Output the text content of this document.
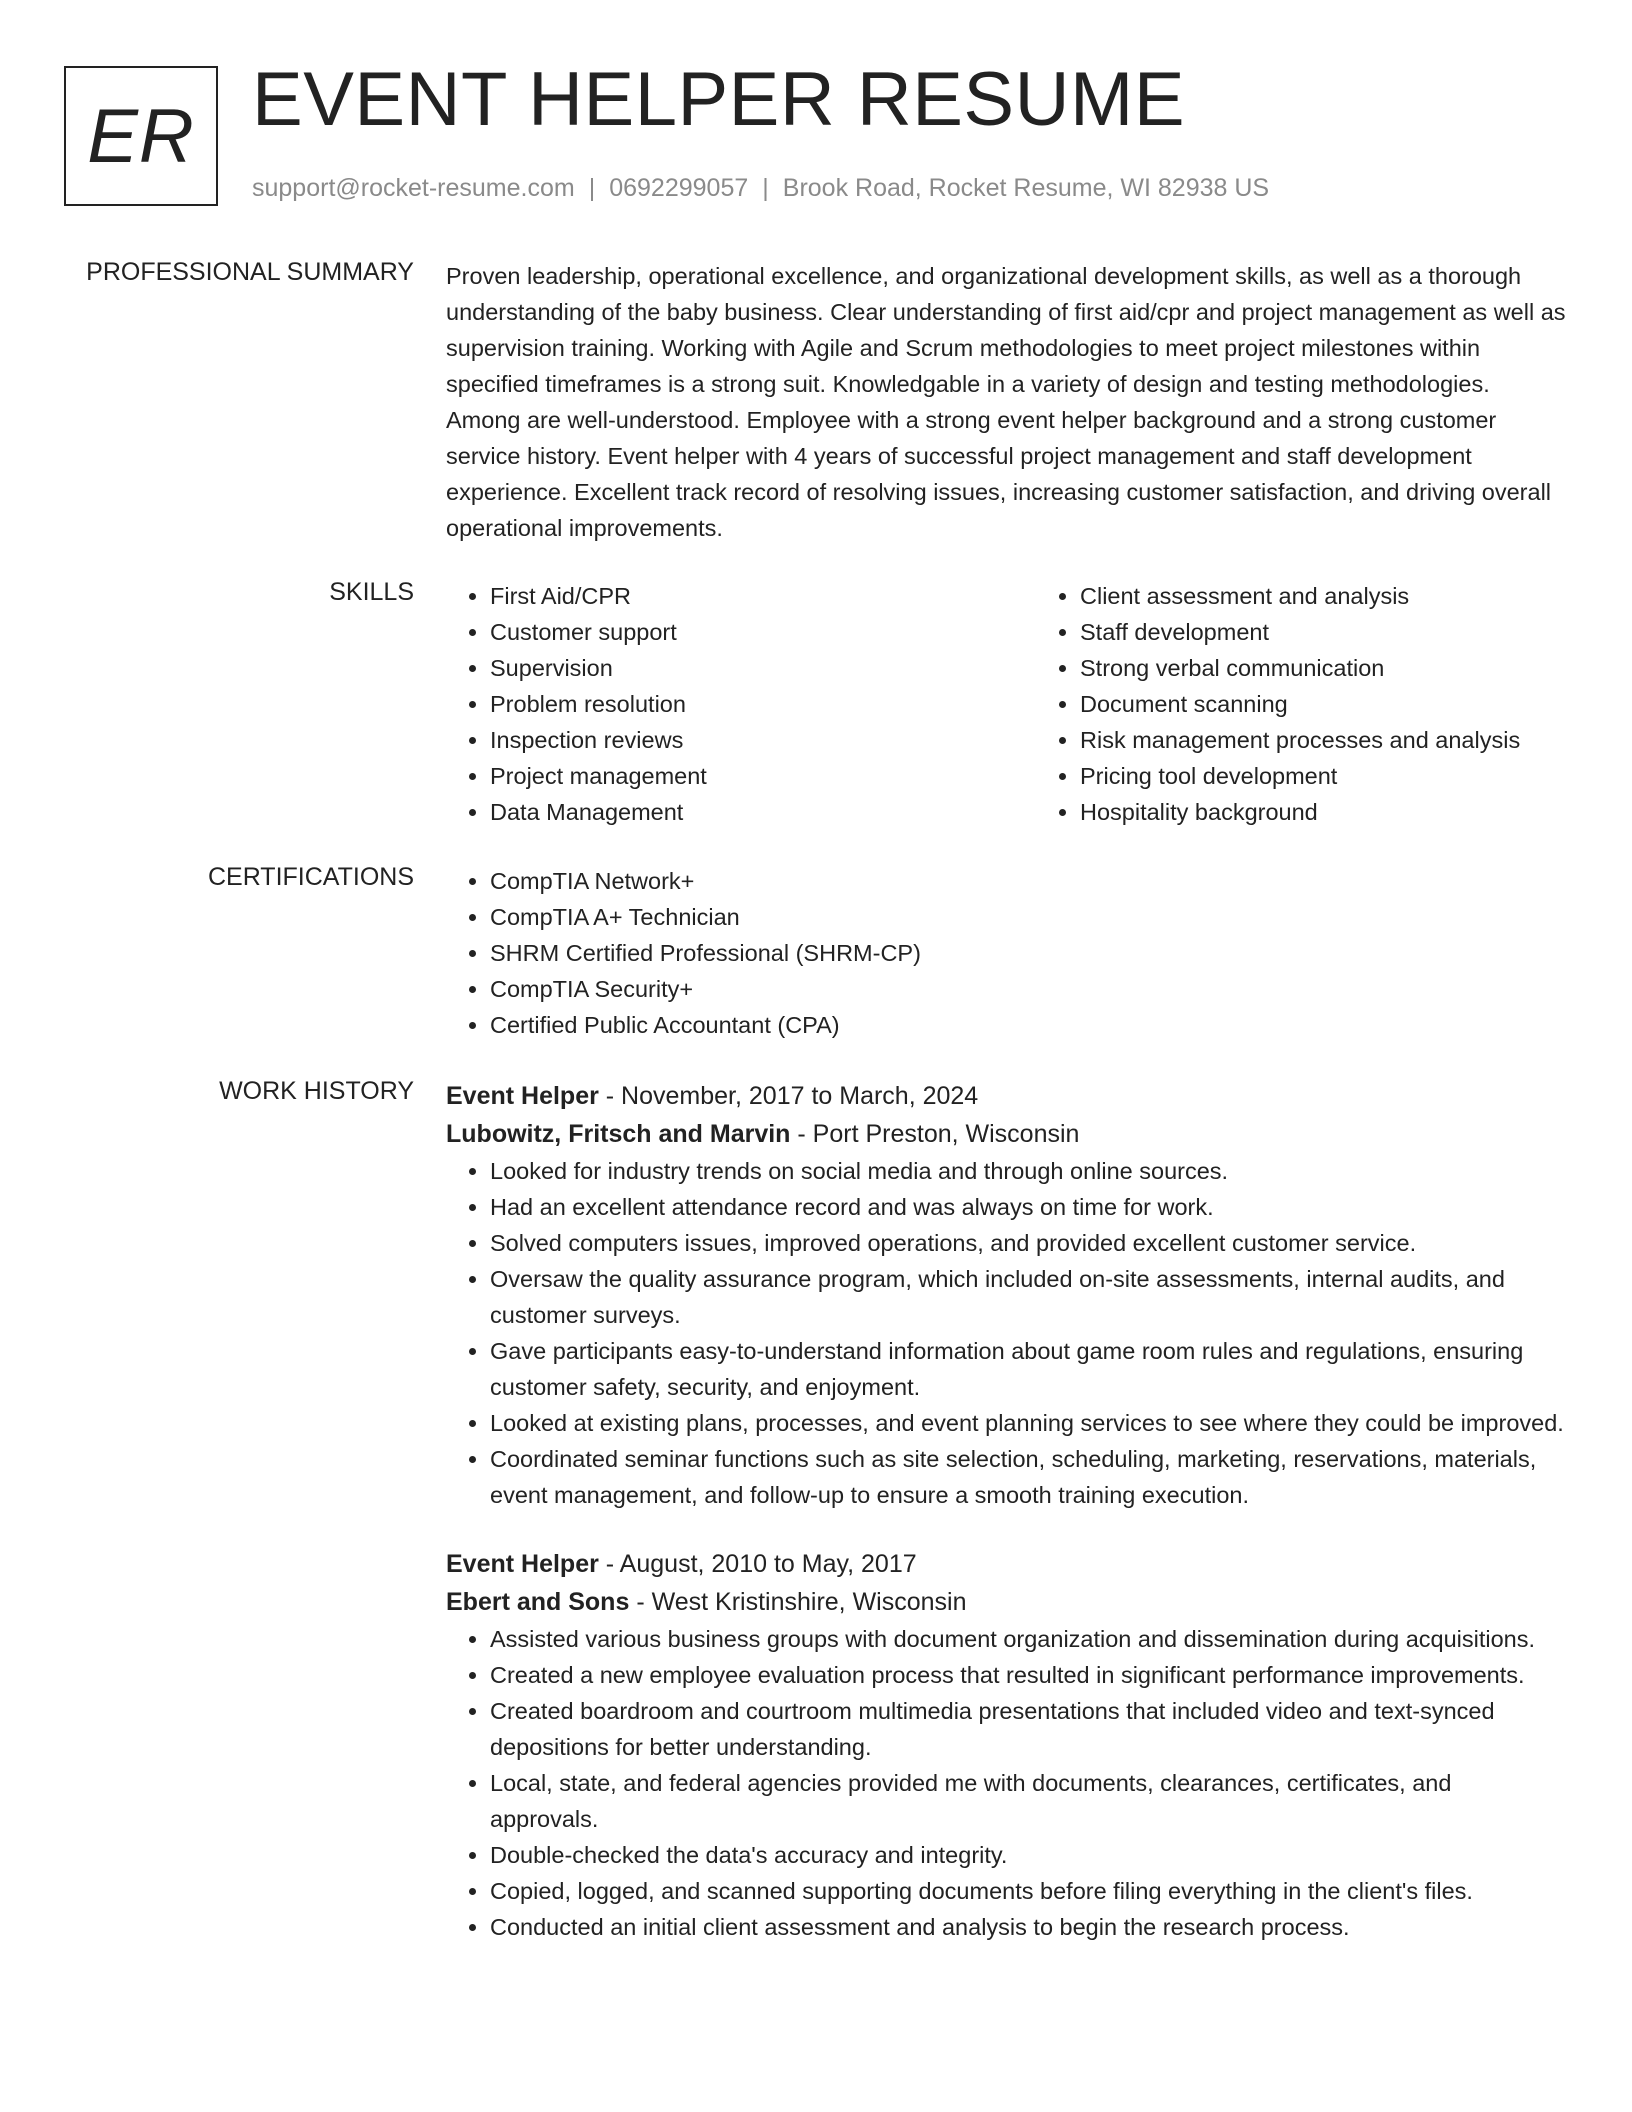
ER EVENT HELPER RESUME
support@rocket-resume.com | 0692299057 | Brook Road, Rocket Resume, WI 82938 US
PROFESSIONAL SUMMARY Proven leadership, operational excellence, and organizational development skills, as well as a thorough understanding of the baby business. Clear understanding of first aid/cpr and project management as well as supervision training. Working with Agile and Scrum methodologies to meet project milestones within specified timeframes is a strong suit. Knowledgable in a variety of design and testing methodologies. Among are well-understood. Employee with a strong event helper background and a strong customer service history. Event helper with 4 years of successful project management and staff development experience. Excellent track record of resolving issues, increasing customer satisfaction, and driving overall operational improvements.

SKILLS	• First Aid/CPR
• Customer support
• Supervision
• Problem resolution
• Inspection reviews
• Project management
• Data Management
• Client assessment and analysis
• Staff development
• Strong verbal communication
• Document scanning
• Risk management processes and analysis
• Pricing tool development
• Hospitality background
CERTIFICATIONS	• CompTIA Network+
• CompTIA A+ Technician
• SHRM Certified Professional (SHRM-CP)
• CompTIA Security+
• Certified Public Accountant (CPA)
WORK HISTORY Event Helper - November, 2017 to March, 2024
Lubowitz, Fritsch and Marvin - Port Preston, Wisconsin
• Looked for industry trends on social media and through online sources.
• Had an excellent attendance record and was always on time for work.
• Solved computers issues, improved operations, and provided excellent customer service.
• Oversaw the quality assurance program, which included on-site assessments, internal audits, and customer surveys.
• Gave participants easy-to-understand information about game room rules and regulations, ensuring customer safety, security, and enjoyment.
• Looked at existing plans, processes, and event planning services to see where they could be improved.
• Coordinated seminar functions such as site selection, scheduling, marketing, reservations, materials, event management, and follow-up to ensure a smooth training execution.
Event Helper - August, 2010 to May, 2017
Ebert and Sons - West Kristinshire, Wisconsin
• Assisted various business groups with document organization and dissemination during acquisitions.
• Created a new employee evaluation process that resulted in significant performance improvements.
• Created boardroom and courtroom multimedia presentations that included video and text-synced depositions for better understanding.
• Local, state, and federal agencies provided me with documents, clearances, certificates, and approvals.
• Double-checked the data's accuracy and integrity.
• Copied, logged, and scanned supporting documents before filing everything in the client's files.
• Conducted an initial client assessment and analysis to begin the research process.
